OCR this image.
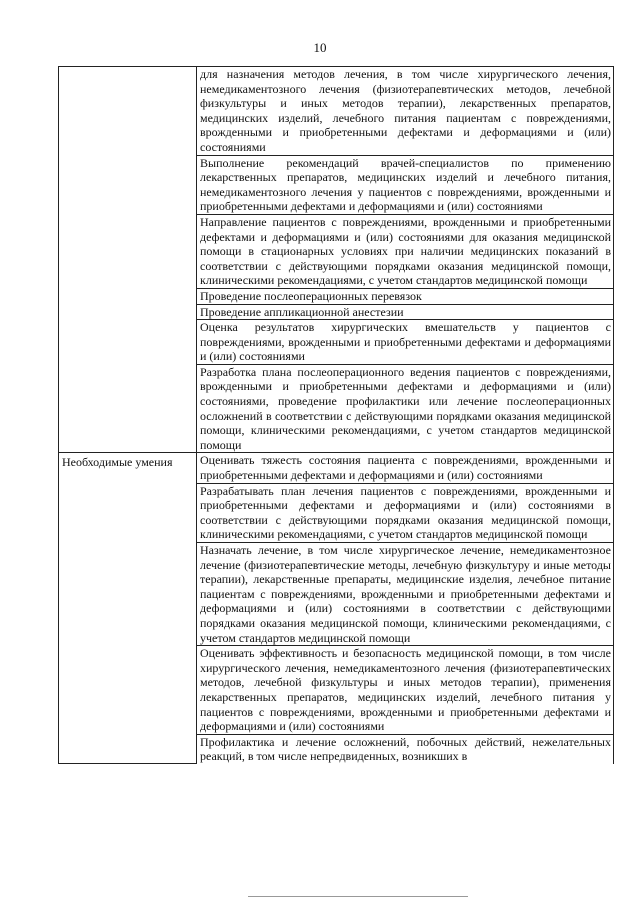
10

	для назначения методов лечения, в том числе хирургического лечения, немедикаментозного лечения (физиотерапевтических методов, лечебной физкультуры и иных методов терапии), лекарственных препаратов, медицинских изделий, лечебного питания пациентам с повреждениями, врожденными и приобретенными дефектами и деформациями и (или) состояниями

	Выполнение рекомендаций врачей-специалистов по применению лекарственных препаратов, медицинских изделий и лечебного питания, немедикаментозного лечения у пациентов с повреждениями, врожденными и приобретенными дефектами и деформациями и (или) состояниями

	Направление пациентов с повреждениями, врожденными и приобретенными дефектами и деформациями и (или) состояниями для оказания медицинской помощи в стационарных условиях при наличии медицинских показаний в соответствии с действующими порядками оказания медицинской помощи, клиническими рекомендациями, с учетом стандартов медицинской помощи

	Проведение послеоперационных перевязок

	Проведение аппликационной анестезии

	Оценка результатов хирургических вмешательств у пациентов с повреждениями, врожденными и приобретенными дефектами и деформациями и (или) состояниями

	Разработка плана послеоперационного ведения пациентов с повреждениями, врожденными и приобретенными дефектами и деформациями и (или) состояниями, проведение профилактики или лечение послеоперационных осложнений в соответствии с действующими порядками оказания медицинской помощи, клиническими рекомендациями, с учетом стандартов медицинской помощи

Необходимые умения	Оценивать тяжесть состояния пациента с повреждениями, врожденными и приобретенными дефектами и деформациями и (или) состояниями

	Разрабатывать план лечения пациентов с повреждениями, врожденными и приобретенными дефектами и деформациями и (или) состояниями в соответствии с действующими порядками оказания медицинской помощи, клиническими рекомендациями, с учетом стандартов медицинской помощи

	Назначать лечение, в том числе хирургическое лечение, немедикаментозное лечение (физиотерапевтические методы, лечебную физкультуру и иные методы терапии), лекарственные препараты, медицинские изделия, лечебное питание пациентам с повреждениями, врожденными и приобретенными дефектами и деформациями и (или) состояниями в соответствии с действующими порядками оказания медицинской помощи, клиническими рекомендациями, с учетом стандартов медицинской помощи

	Оценивать эффективность и безопасность медицинской помощи, в том числе хирургического лечения, немедикаментозного лечения (физиотерапевтических методов, лечебной физкультуры и иных методов терапии), применения лекарственных препаратов, медицинских изделий, лечебного питания у пациентов с повреждениями, врожденными и приобретенными дефектами и деформациями и (или) состояниями

	Профилактика и лечение осложнений, побочных действий, нежелательных реакций, в том числе непредвиденных, возникших в
